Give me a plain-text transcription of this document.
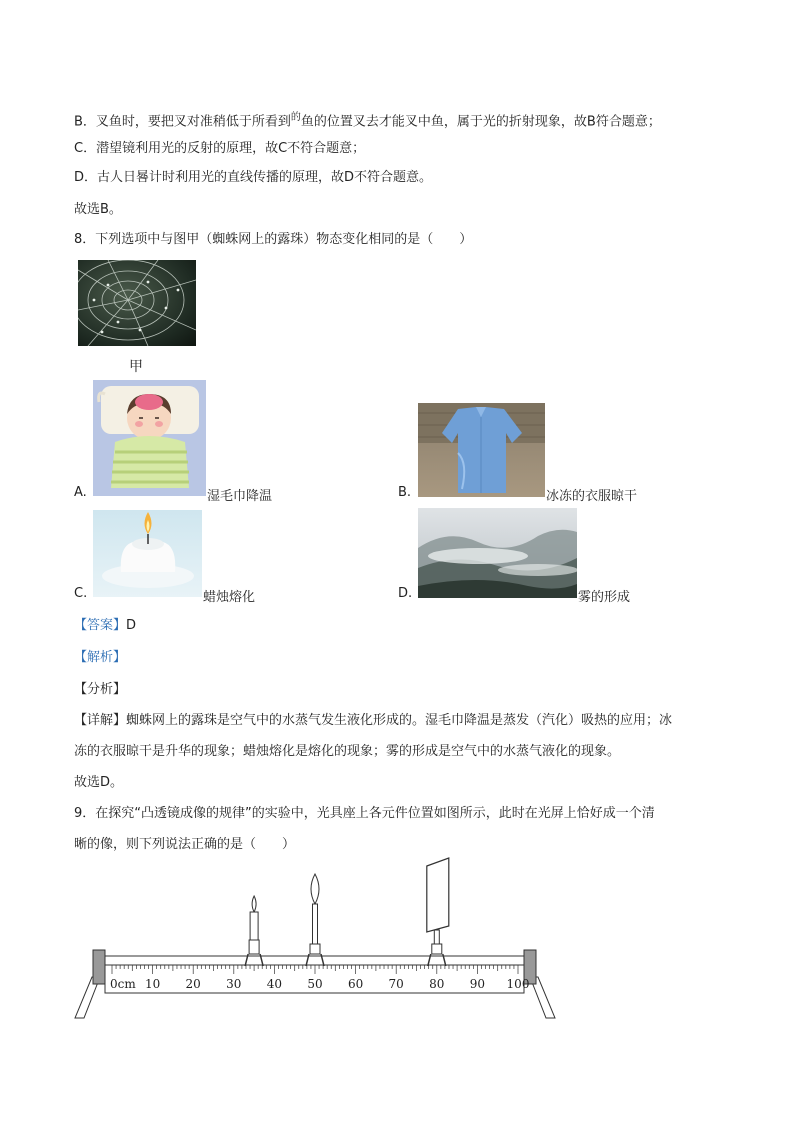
B．叉鱼时，要把叉对准稍低于所看到$^的$鱼的位置叉去才能叉中鱼，属于光的折射现象，故B符合题意；
C．潜望镜利用光的反射的原理，故C不符合题意；
D．古人日晷计时利用光的直线传播的原理，故D不符合题意。
故选B。
8．下列选项中与图甲（蜘蛛网上的露珠）物态变化相同的是（　　）
甲
A.	湿毛巾降温	B.	冰冻的衣服晾干
C.	蜡烛熔化	D.	雾的形成
【答案】D
【解析】
【分析】
【详解】蜘蛛网上的露珠是空气中的水蒸气发生液化形成的。湿毛巾降温是蒸发（汽化）吸热的应用；冰
冻的衣服晾干是升华的现象；蜡烛熔化是熔化的现象；雾的形成是空气中的水蒸气液化的现象。
故选D。
9．在探究“凸透镜成像的规律”的实验中，光具座上各元件位置如图所示，此时在光屏上恰好成一个清
晰的像，则下列说法正确的是（　　）
0cm 10 20 30 40 50 60 70 80 90 100
